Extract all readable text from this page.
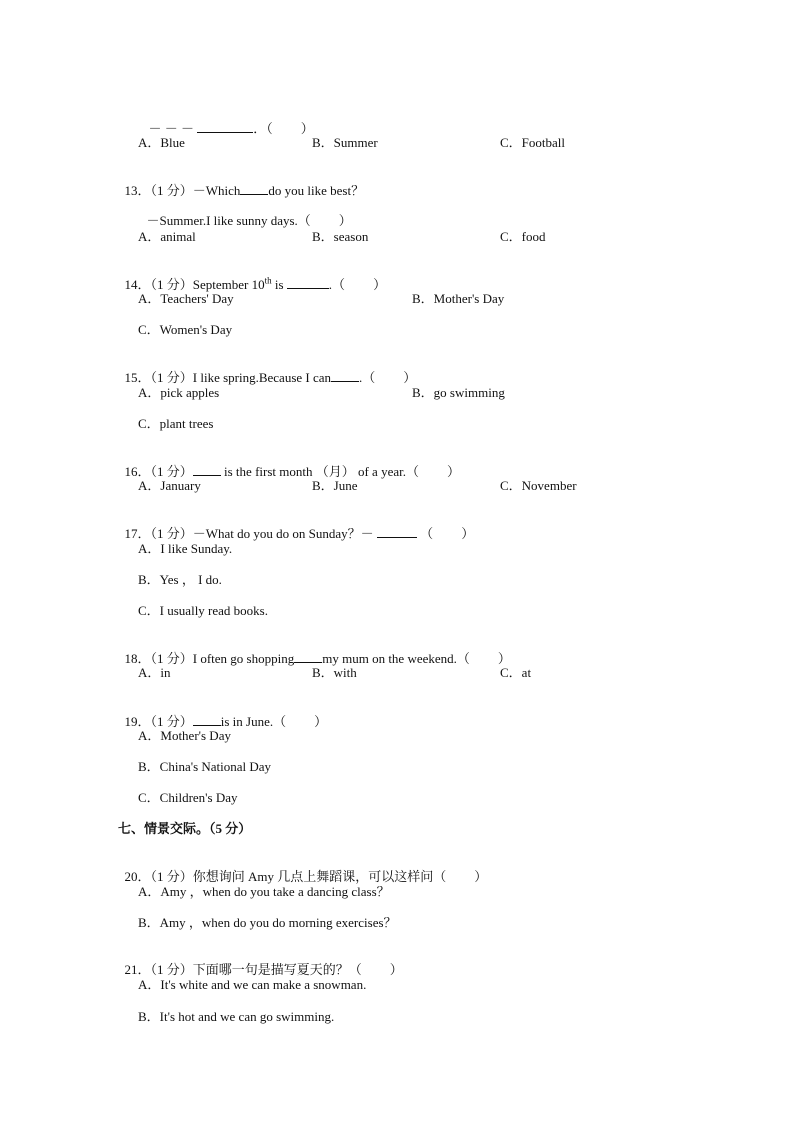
－ － －	．（ ）

A．Blue	B．Summer	C．Football

13．（1 分）－Which do you like best？

－Summer.I like sunny days.（ ）

A．animal	B．season	C．food

14．（1 分）September 10th is	.（ ）

A．Teachers' Day	B．Mother's Day
C．Women's Day

15．（1 分）I like spring.Because I can .（ ）

A．pick apples	B．go swimming
C．plant trees

16．（1 分） is the first month （月） of a year.（ ）

A．January	B．June	C．November

17．（1 分）－What do you do on Sunday？－	（ ）

A．I like Sunday.
B．Yes ， I do.
C．I usually read books.

18．（1 分）I often go shopping my mum on the weekend.（ ）

A．in	B．with	C．at

19．（1 分） is in June.（ ）

A．Mother's Day
B．China's National Day
C．Children's Day
七、情景交际。（5 分）

20．（1 分）你想询问 Amy 几点上舞蹈课，可以这样问（ ）

A．Amy ，when do you take a dancing class？
B．Amy ，when do you do morning exercises？

21．（1 分）下面哪一句是描写夏天的？（ ）

A．It's white and we can make a snowman.
B．It's hot and we can go swimming.
